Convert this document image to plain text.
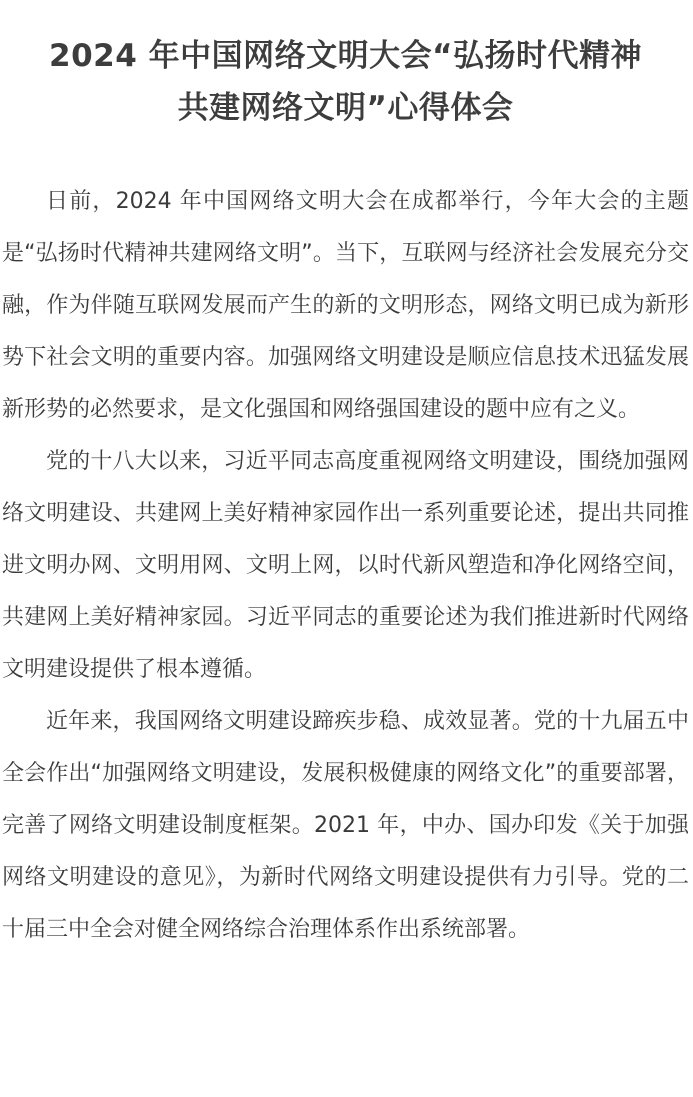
2024 年中国网络文明大会“弘扬时代精神
共建网络文明”心得体会

日前，2024 年中国网络文明大会在成都举行，今年大会的主题是“弘扬时代精神共建网络文明”。当下，互联网与经济社会发展充分交融，作为伴随互联网发展而产生的新的文明形态，网络文明已成为新形势下社会文明的重要内容。加强网络文明建设是顺应信息技术迅猛发展新形势的必然要求，是文化强国和网络强国建设的题中应有之义。

党的十八大以来，习近平同志高度重视网络文明建设，围绕加强网络文明建设、共建网上美好精神家园作出一系列重要论述，提出共同推进文明办网、文明用网、文明上网，以时代新风塑造和净化网络空间，共建网上美好精神家园。习近平同志的重要论述为我们推进新时代网络文明建设提供了根本遵循。

近年来，我国网络文明建设蹄疾步稳、成效显著。党的十九届五中全会作出“加强网络文明建设，发展积极健康的网络文化”的重要部署，完善了网络文明建设制度框架。2021 年，中办、国办印发《关于加强网络文明建设的意见》，为新时代网络文明建设提供有力引导。党的二十届三中全会对健全网络综合治理体系作出系统部署。
